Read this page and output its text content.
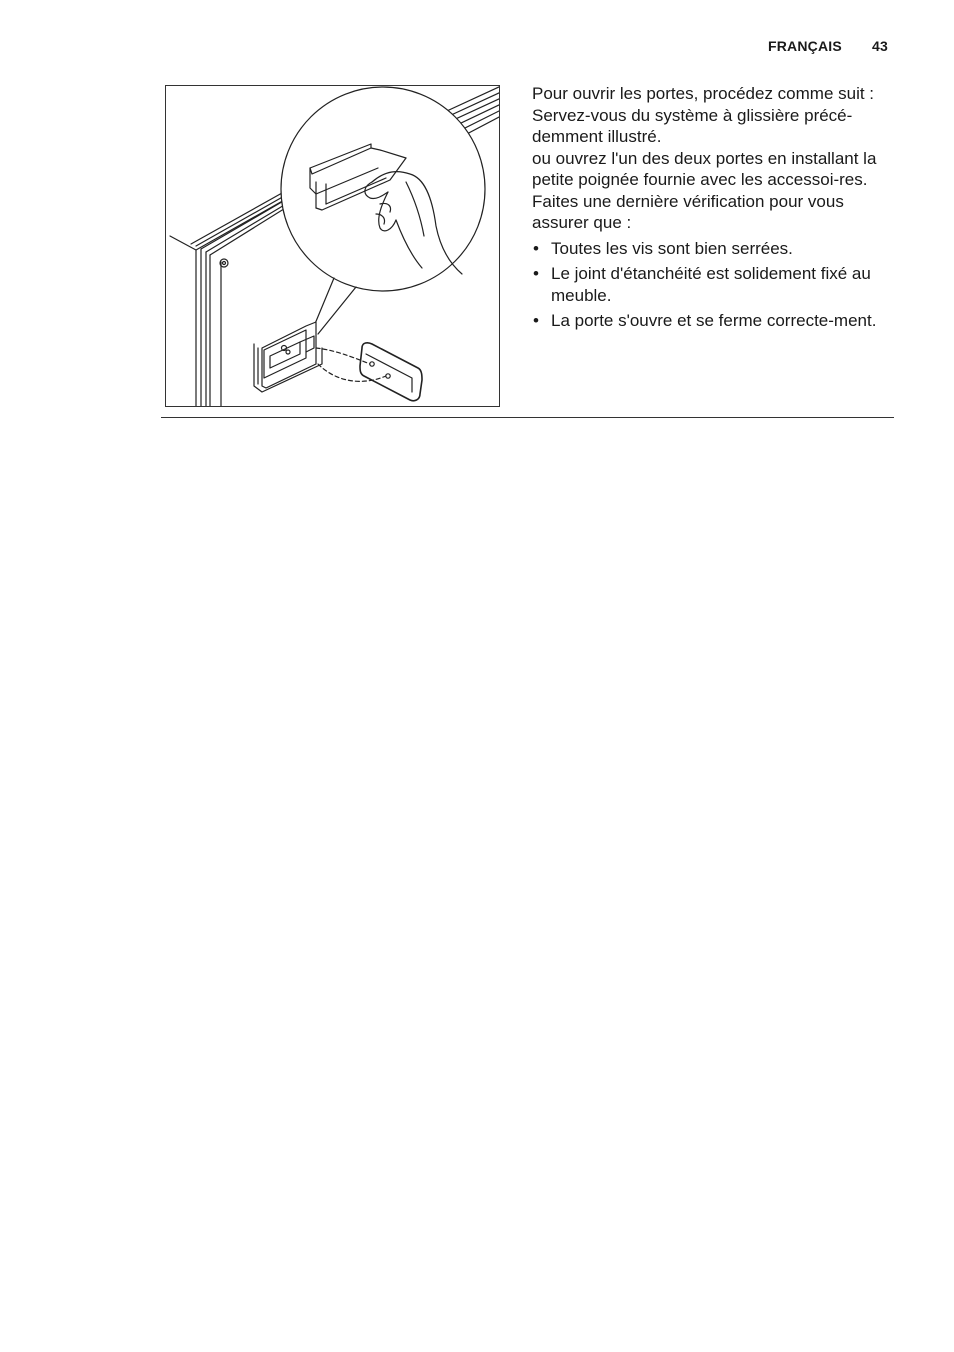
FRANÇAIS 43

Pour ouvrir les portes, procédez comme suit :

Servez-vous du système à glissière précé-demment illustré.

ou ouvrez l'un des deux portes en installant la petite poignée fournie avec les accessoi-res.

Faites une dernière vérification pour vous assurer que :

• Toutes les vis sont bien serrées.
• Le joint d'étanchéité est solidement fixé au meuble.
• La porte s'ouvre et se ferme correcte-ment.
